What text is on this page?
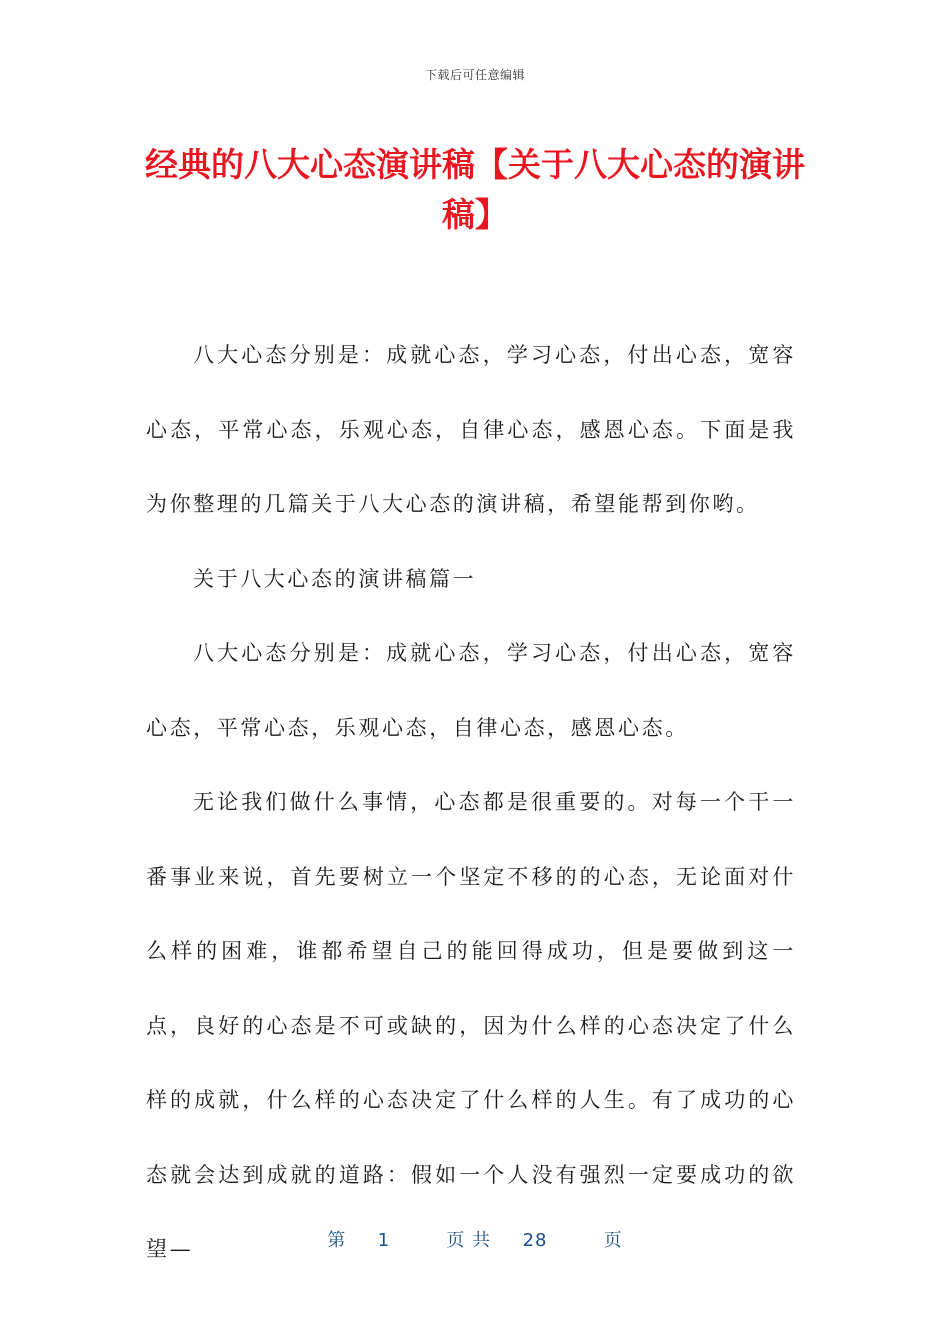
下载后可任意编辑
经典的八大心态演讲稿【关于八大心态的演讲稿】

八大心态分别是：成就心态，学习心态，付出心态，宽容心态，平常心态，乐观心态，自律心态，感恩心态。下面是我为你整理的几篇关于八大心态的演讲稿，希望能帮到你哟。

关于八大心态的演讲稿篇一

八大心态分别是：成就心态，学习心态，付出心态，宽容心态，平常心态，乐观心态，自律心态，感恩心态。

无论我们做什么事情，心态都是很重要的。对每一个干一番事业来说，首先要树立一个坚定不移的的心态，无论面对什么样的困难，谁都希望自己的能回得成功，但是要做到这一点，良好的心态是不可或缺的，因为什么样的心态决定了什么样的成就，什么样的心态决定了什么样的人生。有了成功的心态就会达到成就的道路：假如一个人没有强烈一定要成功的欲望—	第 1	页 共 28	页
